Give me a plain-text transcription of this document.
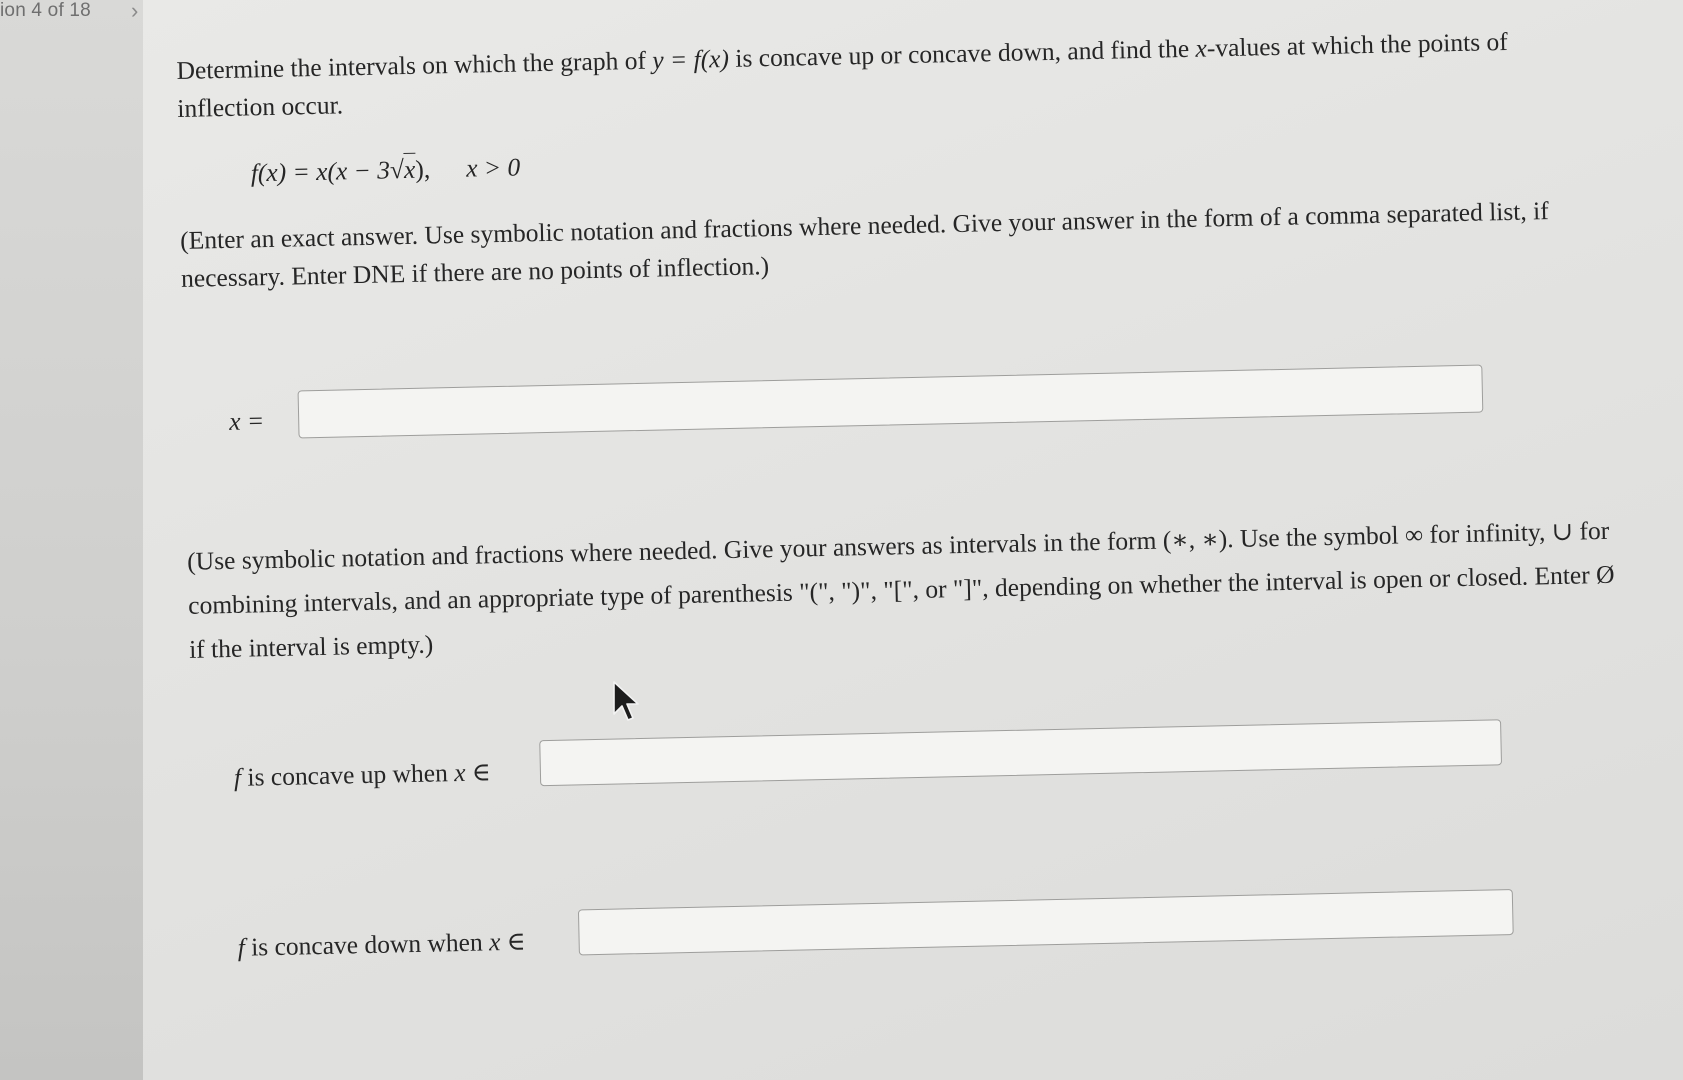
ion 4 of 18 ›
Determine the intervals on which the graph of y = f(x) is concave up or concave down, and find the x-values at which the points of inflection occur.
f(x) = x(x − 3√x), x > 0
(Enter an exact answer. Use symbolic notation and fractions where needed. Give your answer in the form of a comma separated list, if necessary. Enter DNE if there are no points of inflection.)
x =
(Use symbolic notation and fractions where needed. Give your answers as intervals in the form (∗, ∗). Use the symbol ∞ for infinity, ∪ for combining intervals, and an appropriate type of parenthesis "(", ")", "[", or "]", depending on whether the interval is open or closed. Enter Ø if the interval is empty.)
f is concave up when x ∈
f is concave down when x ∈
